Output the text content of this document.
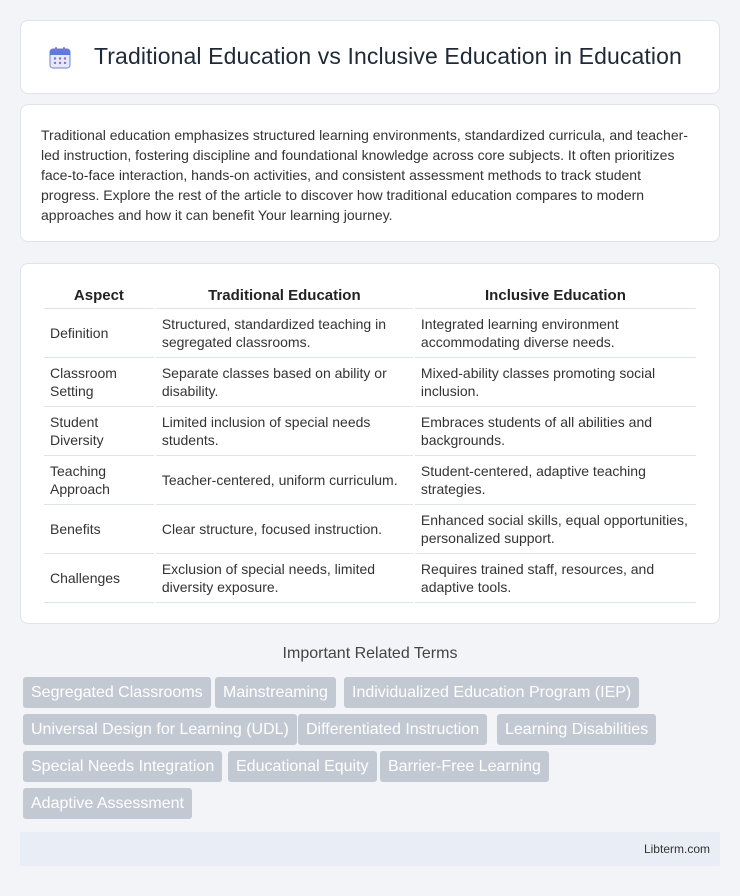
Traditional Education vs Inclusive Education in Education

Traditional education emphasizes structured learning environments, standardized curricula, and teacher-led instruction, fostering discipline and foundational knowledge across core subjects. It often prioritizes face-to-face interaction, hands-on activities, and consistent assessment methods to track student progress. Explore the rest of the article to discover how traditional education compares to modern approaches and how it can benefit Your learning journey.

Aspect	Traditional Education	Inclusive Education
Definition	Structured, standardized teaching in segregated classrooms.	Integrated learning environment accommodating diverse needs.
Classroom Setting	Separate classes based on ability or disability.	Mixed-ability classes promoting social inclusion.
Student Diversity	Limited inclusion of special needs students.	Embraces students of all abilities and backgrounds.
Teaching Approach	Teacher-centered, uniform curriculum.	Student-centered, adaptive teaching strategies.
Benefits	Clear structure, focused instruction.	Enhanced social skills, equal opportunities, personalized support.
Challenges	Exclusion of special needs, limited diversity exposure.	Requires trained staff, resources, and adaptive tools.
Important Related Terms
Segregated Classrooms	Mainstreaming	Individualized Education Program (IEP)
Universal Design for Learning (UDL)	Differentiated Instruction	Learning Disabilities
Special Needs Integration	Educational Equity	Barrier-Free Learning
Adaptive Assessment
Libterm.com
